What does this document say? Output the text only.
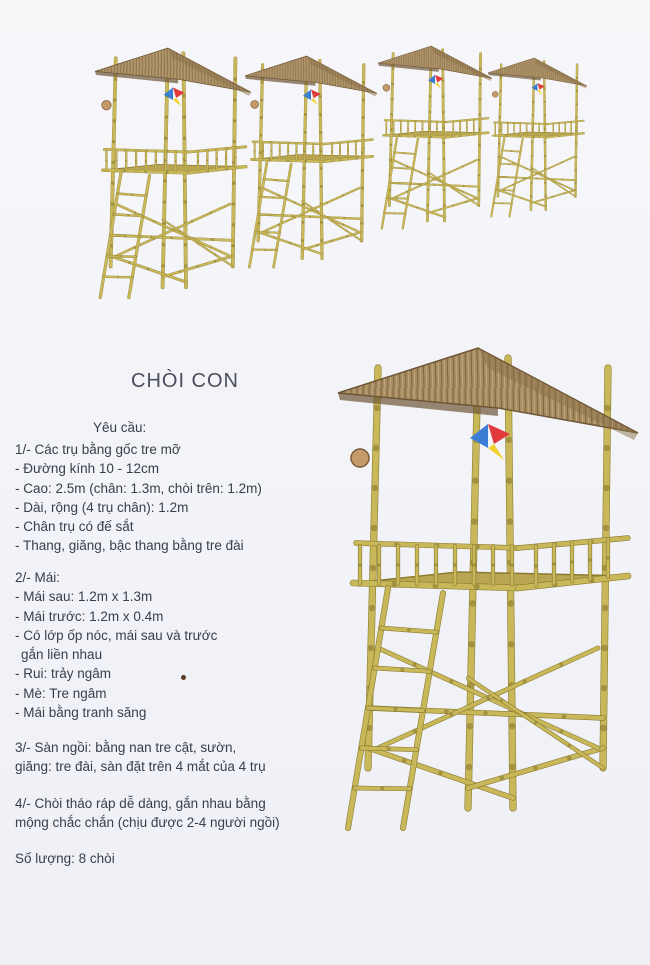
CHÒI CON
Yêu cầu:
1/- Các trụ bằng gốc tre mỡ
- Đường kính 10 - 12cm
- Cao: 2.5m (chân: 1.3m, chòi trên: 1.2m)
- Dài, rộng (4 trụ chân): 1.2m
- Chân trụ có đế sắt
- Thang, giăng, bậc thang bằng tre đài
2/- Mái:
- Mái sau: 1.2m x 1.3m
- Mái trước: 1.2m x 0.4m
- Có lớp ốp nóc, mái sau và trước
gắn liền nhau
- Rui: trảy ngâm
- Mè: Tre ngâm
- Mái bằng tranh săng
3/- Sàn ngồi: bằng nan tre cật, sườn,
giăng: tre đài, sàn đặt trên 4 mắt của 4 trụ
4/- Chòi tháo ráp dễ dàng, gắn nhau bằng
mộng chắc chắn (chịu được 2-4 người ngồi)
Số lượng: 8 chòi
